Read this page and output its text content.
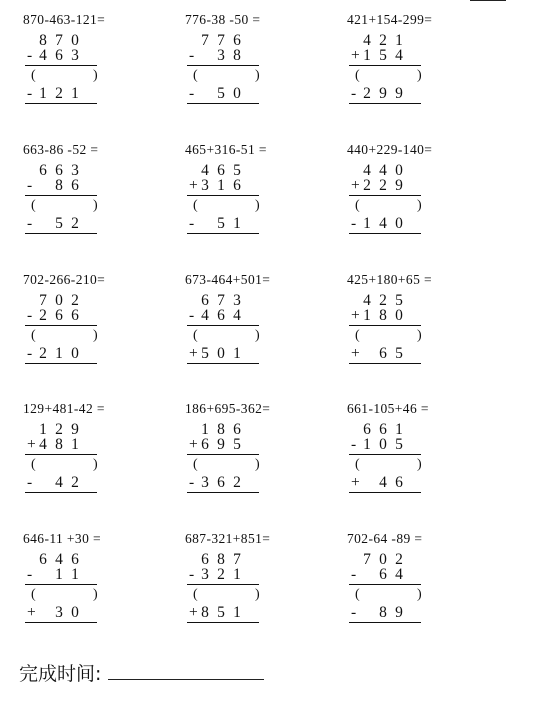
870-463-121=
8 7 0
- 4 6 3
(	)
- 1 2 1
776-38 -50 =
7 7 6
- 3 8
(	)
- 5 0
421+154-299=
4 2 1
+ 1 5 4
(	)
- 2 9 9
663-86 -52 =
6 6 3
- 8 6
(	)
- 5 2
465+316-51 =
4 6 5
+ 3 1 6
(	)
- 5 1
440+229-140=
4 4 0
+ 2 2 9
(	)
- 1 4 0
702-266-210=
7 0 2
- 2 6 6
(	)
- 2 1 0
673-464+501=
6 7 3
- 4 6 4
(	)
+ 5 0 1
425+180+65 =
4 2 5
+ 1 8 0
(	)
+ 6 5
129+481-42 =
1 2 9
+ 4 8 1
(	)
- 4 2
186+695-362=
1 8 6
+ 6 9 5
(	)
- 3 6 2
661-105+46 =
6 6 1
- 1 0 5
(	)
+ 4 6
646-11 +30 =
6 4 6
- 1 1
(	)
+ 3 0
687-321+851=
6 8 7
- 3 2 1
(	)
+ 8 5 1
702-64 -89 =
7 0 2
- 6 4
(	)
- 8 9
完成时间:
